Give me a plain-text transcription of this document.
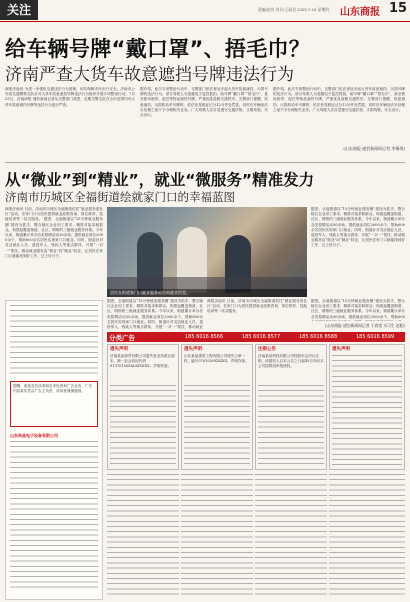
关注	责编/赵亮 设计/王丽君 2025.7.24 星期四 山东商报 15
给车辆号牌“戴口罩”、捂毛巾？
济南严查大货车故意遮挡号牌违法行为
商报济南讯 为进一步强化交通违法行为管理，切实保障市民出行安全，济南市公安局交通警察支队针对大货车故意遮挡号牌违法行为组织开展专项整治行动。7月23日，济南商报·速豹新闻记者从交警部门获悉，近期交警支队在全市范围内对大货车故意遮挡号牌等违法行为进行严查。
据介绍，此次专项整治行动中，交警部门依法查处多起大货车故意遮挡、污损号牌的违法行为。部分驾驶人为逃避电子监控抓拍，给号牌“戴口罩”“捂毛巾”，甚至使用胶带、泥巴等物品遮挡号牌，严重扰乱道路交通秩序。交警部门提醒，故意遮挡、污损机动车号牌的，依法处驾驶证记分12分并处罚款，同时在车辆违法未处理之前不予办理相关业务。广大驾驶人应自觉遵守交通法规，文明驾驶，安全出行。
据介绍，此次专项整治行动中，交警部门依法查处多起大货车故意遮挡、污损号牌的违法行为。部分驾驶人为逃避电子监控抓拍，给号牌“戴口罩”“捂毛巾”，甚至使用胶带、泥巴等物品遮挡号牌，严重扰乱道路交通秩序。交警部门提醒，故意遮挡、污损机动车号牌的，依法处驾驶证记分12分并处罚款，同时在车辆违法未处理之前不予办理相关业务。广大驾驶人应自觉遵守交通法规，文明驾驶，安全出行。
(山东商报·速豹新闻网记者 李瑞琪)
从“微业”到“精业”，就业“微服务”精准发力
济南市历城区全福街道绘就家门口的幸福蓝图
商报济南讯 日前，济南市历城区全福街道依托“就业服务进社区”活动，在家门口为居民提供就业政策咨询、岗位推荐、技能培训等一站式服务。 据悉，全福街道以“15分钟就业服务圈”建设为抓手，整合辖区企业用工需求，精准对接求职群众，构建起覆盖街道、社区、网格的三级就业服务体系。今年以来，街道累计举办各类招聘活动30余场，提供就业岗位2000余个，帮助600余名居民实现家门口就业。同时，街道针对灵活就业人员、退役军人、残疾人等重点群体，开展“一对一”帮扶，推动就业服务由“微业”向“精业”转变，让居民在家门口就能找到好工作、过上好日子。
居民在街道家门口就业服务站咨询就业信息。
据悉，全福街道以“15分钟就业服务圈”建设为抓手，整合辖区企业用工需求，精准对接求职群众，构建起覆盖街道、社区、网格的三级就业服务体系。今年以来，街道累计举办各类招聘活动30余场，提供就业岗位2000余个，帮助600余名居民实现家门口就业。同时，街道针对灵活就业人员、退役军人、残疾人等重点群体，开展“一对一”帮扶，推动就业服务由“微业”向“精业”转变，让居民在家门口就能找到好工作、过上好日子。
据悉，全福街道以“15分钟就业服务圈”建设为抓手，整合辖区企业用工需求，精准对接求职群众，构建起覆盖街道、社区、网格的三级就业服务体系。今年以来，街道累计举办各类招聘活动30余场，提供就业岗位2000余个，帮助600余名居民实现家门口就业。同时，街道针对灵活就业人员、退役军人、残疾人等重点群体，开展“一对一”帮扶，推动就业
商报济南讯 日前，济南市历城区全福街道依托“就业服务进社区”活动，在家门口为居民提供就业政策咨询、岗位推荐、技能培训等一站式服务。
据悉，全福街道以“15分钟就业服务圈”建设为抓手，整合辖区企业用工需求，精准对接求职群众，构建起覆盖街道、社区、网格的三级就业服务体系。今年以来，街道累计举办各类招聘活动30余场，提供就业岗位2000余个，帮助600
(山东商报·速豹新闻网记者 于春雷 实习生 赵阳)
提醒：欢迎各位读者朋友来电咨询广告业务，广告内容真实性由广告主负责，请读者谨慎甄别。
山东尚品电子设备有限公司
分类广告	185 6016 8566	185 6016 8577	185 6016 8588	185 6016 8599
遗失声明
济南某某商贸有限公司遗失营业执照正副本，统一社会信用代码91370100MA3XXXXX，声明作废。
遗失声明
山东某某建筑工程有限公司遗失公章一枚，编号3701020XXXXX，声明作废。
注销公告
济南某某科技有限公司经股东会决议注销，请债权人自本公告之日起45日内向本公司清算组申报债权。
遗失声明
